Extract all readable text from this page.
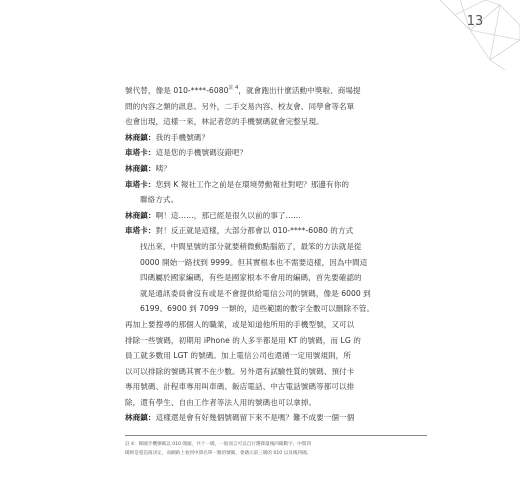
13
號代替，像是 $010-****-6080^{註 4}$，就會跑出什麼活動中獎啦、商場提
問的內容之類的訊息。另外，二手交易內容、校友會、同學會等名單
也會出現，這樣一來，林記者您的手機號碼就會完整呈現。
林商鎮：我的手機號碼？
車塔卡：這是您的手機號碼沒錯吧？
林商鎮：咦？
車塔卡：您到 K 報社工作之前是在環境勞動報社對吧？那邊有你的
聯絡方式。
林商鎮：啊！這……，那已經是很久以前的事了……
車塔卡：對！反正就是這樣，大部分都會以 010-****-6080 的方式
找出來，中間星號的部分就要稍微動點腦筋了，最笨的方法就是從
0000 開始一路找到 9999。但其實根本也不需要這樣，因為中間這
四碼屬於國家編碼，有些是國家根本不會用的編碼，首先要確認的
就是通訊委員會沒有或是不會提供給電信公司的號碼，像是 6000 到
6199、6900 到 7099 一類的，這些範圍的數字全數可以刪除不管。
再加上要搜尋的那個人的職業，或是知道他所用的手機型號，又可以
排除一些號碼，初期用 iPhone 的人多半都是用 KT 的號碼，而 LG 的
員工就多數用 LGT 的號碼。加上電信公司也還循一定用號規則，所
以可以排除的號碼其實不在少數。另外還有試驗性質的號碼、預付卡
專用號碼、計程車專用叫車碼、飯店電話、中古電話號碼等都可以排
除，還有學生、自由工作者等法人用的號碼也可以拿掉。
林商鎮：這樣還是會有好幾個號碼留下來不是嗎？難不成要一個一個
註 4：韓國手機號碼以 010 開頭，共十一碼，一般而言可以自行選擇最後四碼數字，中間四
碼則是電信商決定，而網路上看到中間名單一類的號碼，會藉示前三碼的 010 以及後四碼。
